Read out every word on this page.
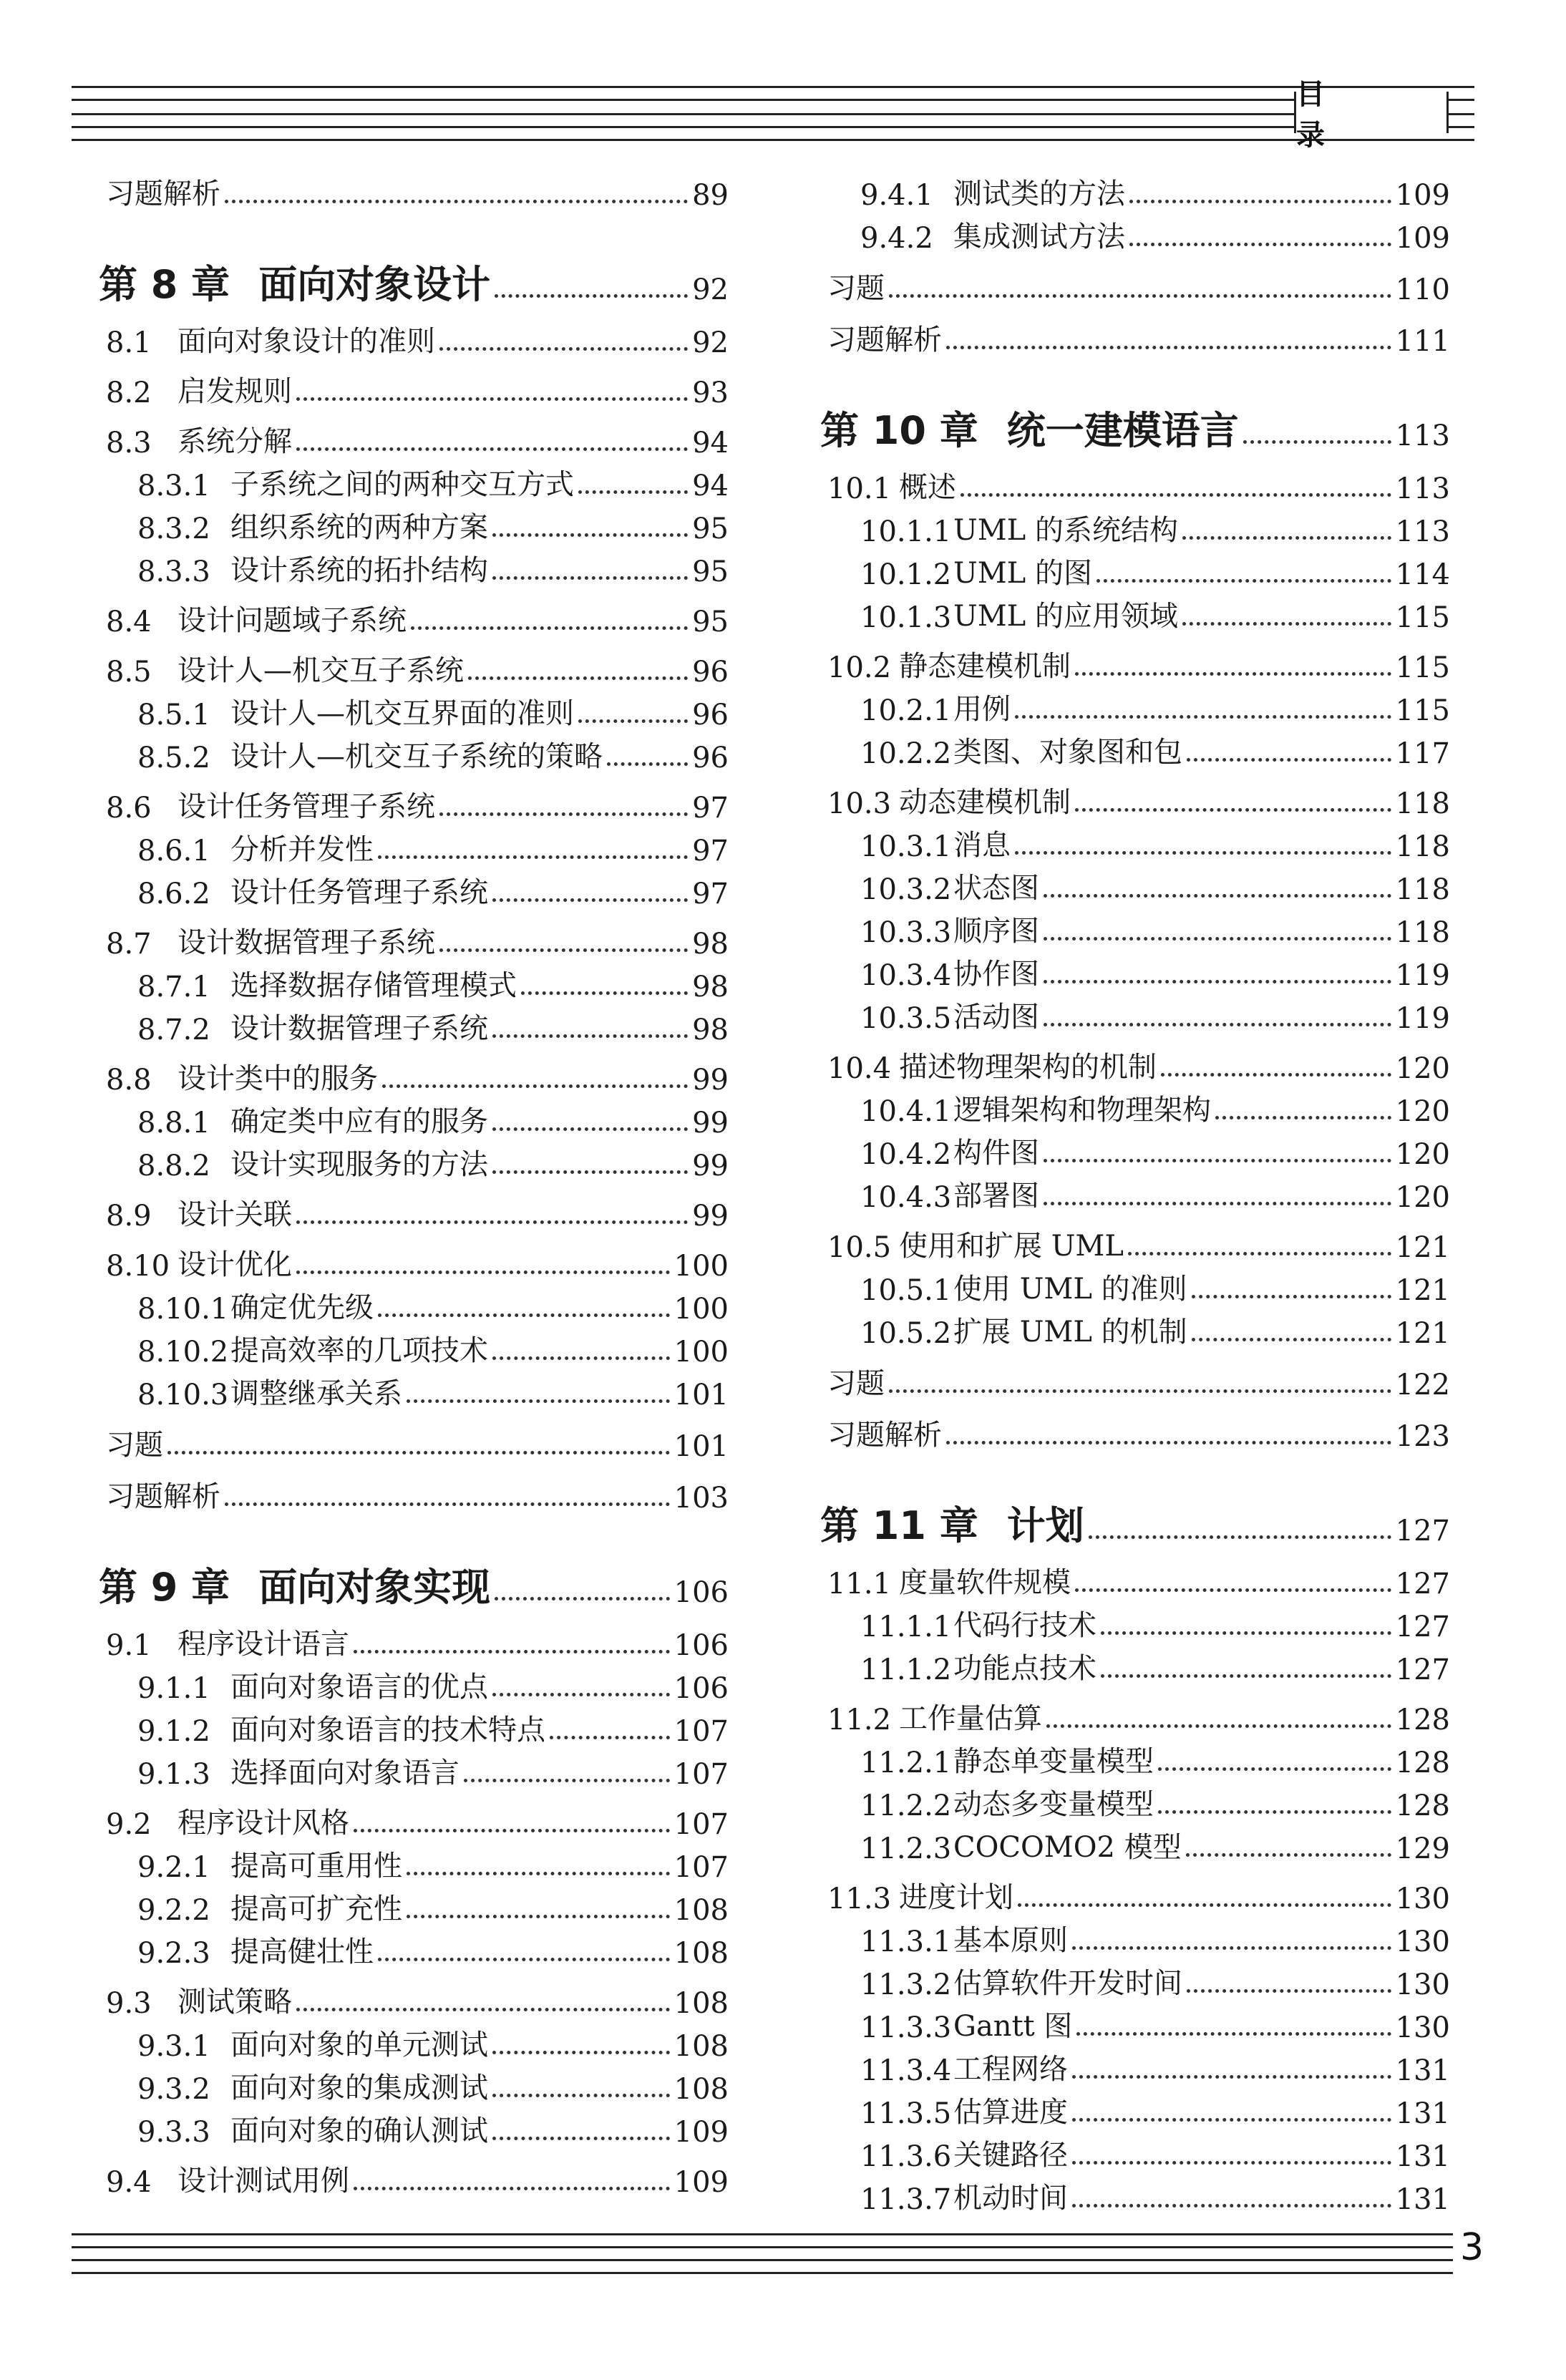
目 录
习题解析	89
第 8 章 面向对象设计	92
8.1 面向对象设计的准则	92
8.2 启发规则	93
8.3 系统分解	94
8.3.1 子系统之间的两种交互方式	94
8.3.2 组织系统的两种方案	95
8.3.3 设计系统的拓扑结构	95
8.4 设计问题域子系统	95
8.5 设计人—机交互子系统	96
8.5.1 设计人—机交互界面的准则	96
8.5.2 设计人—机交互子系统的策略	96
8.6 设计任务管理子系统	97
8.6.1 分析并发性	97
8.6.2 设计任务管理子系统	97
8.7 设计数据管理子系统	98
8.7.1 选择数据存储管理模式	98
8.7.2 设计数据管理子系统	98
8.8 设计类中的服务	99
8.8.1 确定类中应有的服务	99
8.8.2 设计实现服务的方法	99
8.9 设计关联	99
8.10 设计优化	100
8.10.1 确定优先级	100
8.10.2 提高效率的几项技术	100
8.10.3 调整继承关系	101
习题	101
习题解析	103
第 9 章 面向对象实现	106
9.1 程序设计语言	106
9.1.1 面向对象语言的优点	106
9.1.2 面向对象语言的技术特点	107
9.1.3 选择面向对象语言	107
9.2 程序设计风格	107
9.2.1 提高可重用性	107
9.2.2 提高可扩充性	108
9.2.3 提高健壮性	108
9.3 测试策略	108
9.3.1 面向对象的单元测试	108
9.3.2 面向对象的集成测试	108
9.3.3 面向对象的确认测试	109
9.4 设计测试用例	109
9.4.1 测试类的方法	109
9.4.2 集成测试方法	109
习题	110
习题解析	111
第 10 章 统一建模语言	113
10.1 概述	113
10.1.1 UML 的系统结构	113
10.1.2 UML 的图	114
10.1.3 UML 的应用领域	115
10.2 静态建模机制	115
10.2.1 用例	115
10.2.2 类图、对象图和包	117
10.3 动态建模机制	118
10.3.1 消息	118
10.3.2 状态图	118
10.3.3 顺序图	118
10.3.4 协作图	119
10.3.5 活动图	119
10.4 描述物理架构的机制	120
10.4.1 逻辑架构和物理架构	120
10.4.2 构件图	120
10.4.3 部署图	120
10.5 使用和扩展 UML	121
10.5.1 使用 UML 的准则	121
10.5.2 扩展 UML 的机制	121
习题	122
习题解析	123
第 11 章 计划	127
11.1 度量软件规模	127
11.1.1 代码行技术	127
11.1.2 功能点技术	127
11.2 工作量估算	128
11.2.1 静态单变量模型	128
11.2.2 动态多变量模型	128
11.2.3 COCOMO2 模型	129
11.3 进度计划	130
11.3.1 基本原则	130
11.3.2 估算软件开发时间	130
11.3.3 Gantt 图	130
11.3.4 工程网络	131
11.3.5 估算进度	131
11.3.6 关键路径	131
11.3.7 机动时间	131
3
